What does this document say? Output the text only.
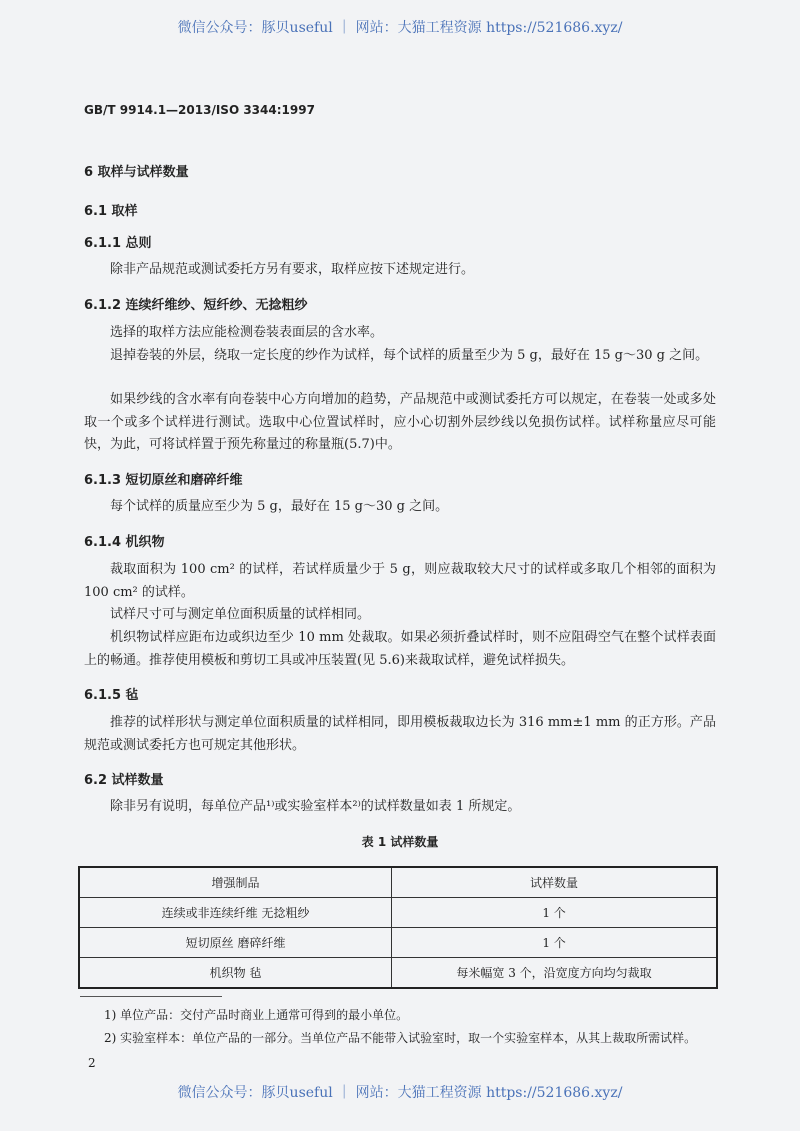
微信公众号：豚贝useful ｜ 网站：大猫工程资源 https://521686.xyz/
GB/T 9914.1—2013/ISO 3344:1997
6 取样与试样数量
6.1 取样
6.1.1 总则
除非产品规范或测试委托方另有要求，取样应按下述规定进行。
6.1.2 连续纤维纱、短纤纱、无捻粗纱
选择的取样方法应能检测卷装表面层的含水率。
退掉卷装的外层，绕取一定长度的纱作为试样，每个试样的质量至少为 5 g，最好在 15 g～30 g 之间。
如果纱线的含水率有向卷装中心方向增加的趋势，产品规范中或测试委托方可以规定，在卷装一处或多处取一个或多个试样进行测试。选取中心位置试样时，应小心切割外层纱线以免损伤试样。试样称量应尽可能快，为此，可将试样置于预先称量过的称量瓶(5.7)中。
6.1.3 短切原丝和磨碎纤维
每个试样的质量应至少为 5 g，最好在 15 g～30 g 之间。
6.1.4 机织物
裁取面积为 100 cm² 的试样，若试样质量少于 5 g，则应裁取较大尺寸的试样或多取几个相邻的面积为 100 cm² 的试样。
试样尺寸可与测定单位面积质量的试样相同。
机织物试样应距布边或织边至少 10 mm 处裁取。如果必须折叠试样时，则不应阻碍空气在整个试样表面上的畅通。推荐使用模板和剪切工具或冲压装置(见 5.6)来裁取试样，避免试样损失。
6.1.5 毡
推荐的试样形状与测定单位面积质量的试样相同，即用模板裁取边长为 316 mm±1 mm 的正方形。产品规范或测试委托方也可规定其他形状。
6.2 试样数量
除非另有说明，每单位产品¹⁾或实验室样本²⁾的试样数量如表 1 所规定。
表 1 试样数量
增强制品	试样数量
连续或非连续纤维 无捻粗纱	1 个
短切原丝 磨碎纤维	1 个
机织物 毡	每米幅宽 3 个，沿宽度方向均匀裁取
1) 单位产品：交付产品时商业上通常可得到的最小单位。
2) 实验室样本：单位产品的一部分。当单位产品不能带入试验室时，取一个实验室样本，从其上裁取所需试样。
2
微信公众号：豚贝useful ｜ 网站：大猫工程资源 https://521686.xyz/
